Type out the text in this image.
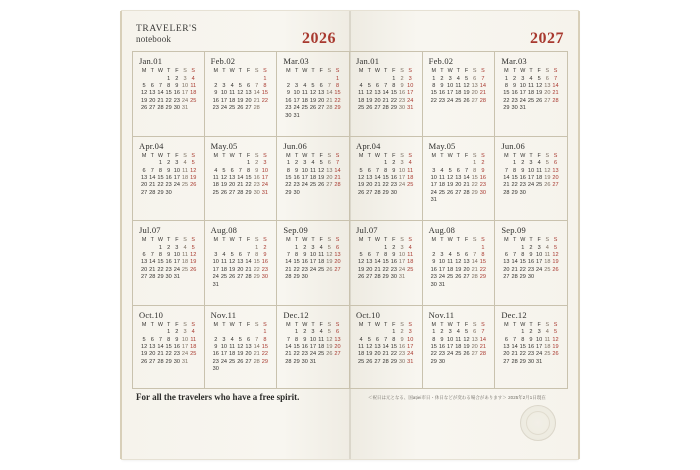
TRAVELER'S
notebook	2026	2027
Jan.01
M	T	W	T	F	S	S
			1	2	3	4
5	6	7	8	9	10	11
12	13	14	15	16	17	18
19	20	21	22	23	24	25
26	27	28	29	30	31	
Feb.02
M	T	W	T	F	S	S
						1
2	3	4	5	6	7	8
9	10	11	12	13	14	15
16	17	18	19	20	21	22
23	24	25	26	27	28	
Mar.03
M	T	W	T	F	S	S
						1
2	3	4	5	6	7	8
9	10	11	12	13	14	15
16	17	18	19	20	21	22
23	24	25	26	27	28	29
30	31					
Jan.01
M	T	W	T	F	S	S
				1	2	3
4	5	6	7	8	9	10
11	12	13	14	15	16	17
18	19	20	21	22	23	24
25	26	27	28	29	30	31
Feb.02
M	T	W	T	F	S	S
1	2	3	4	5	6	7
8	9	10	11	12	13	14
15	16	17	18	19	20	21
22	23	24	25	26	27	28
Mar.03
M	T	W	T	F	S	S
1	2	3	4	5	6	7
8	9	10	11	12	13	14
15	16	17	18	19	20	21
22	23	24	25	26	27	28
29	30	31				
Apr.04
M	T	W	T	F	S	S
		1	2	3	4	5
6	7	8	9	10	11	12
13	14	15	16	17	18	19
20	21	22	23	24	25	26
27	28	29	30			
May.05
M	T	W	T	F	S	S
				1	2	3
4	5	6	7	8	9	10
11	12	13	14	15	16	17
18	19	20	21	22	23	24
25	26	27	28	29	30	31
Jun.06
M	T	W	T	F	S	S
1	2	3	4	5	6	7
8	9	10	11	12	13	14
15	16	17	18	19	20	21
22	23	24	25	26	27	28
29	30					
Apr.04
M	T	W	T	F	S	S
			1	2	3	4
5	6	7	8	9	10	11
12	13	14	15	16	17	18
19	20	21	22	23	24	25
26	27	28	29	30		
May.05
M	T	W	T	F	S	S
					1	2
3	4	5	6	7	8	9
10	11	12	13	14	15	16
17	18	19	20	21	22	23
24	25	26	27	28	29	30
31						
Jun.06
M	T	W	T	F	S	S
	1	2	3	4	5	6
7	8	9	10	11	12	13
14	15	16	17	18	19	20
21	22	23	24	25	26	27
28	29	30				
Jul.07
M	T	W	T	F	S	S
		1	2	3	4	5
6	7	8	9	10	11	12
13	14	15	16	17	18	19
20	21	22	23	24	25	26
27	28	29	30	31		
Aug.08
M	T	W	T	F	S	S
					1	2
3	4	5	6	7	8	9
10	11	12	13	14	15	16
17	18	19	20	21	22	23
24	25	26	27	28	29	30
31						
Sep.09
M	T	W	T	F	S	S
	1	2	3	4	5	6
7	8	9	10	11	12	13
14	15	16	17	18	19	20
21	22	23	24	25	26	27
28	29	30				
Jul.07
M	T	W	T	F	S	S
			1	2	3	4
5	6	7	8	9	10	11
12	13	14	15	16	17	18
19	20	21	22	23	24	25
26	27	28	29	30	31	
Aug.08
M	T	W	T	F	S	S
						1
2	3	4	5	6	7	8
9	10	11	12	13	14	15
16	17	18	19	20	21	22
23	24	25	26	27	28	29
30	31					
Sep.09
M	T	W	T	F	S	S
		1	2	3	4	5
6	7	8	9	10	11	12
13	14	15	16	17	18	19
20	21	22	23	24	25	26
27	28	29	30			
Oct.10
M	T	W	T	F	S	S
			1	2	3	4
5	6	7	8	9	10	11
12	13	14	15	16	17	18
19	20	21	22	23	24	25
26	27	28	29	30	31	
Nov.11
M	T	W	T	F	S	S
						1
2	3	4	5	6	7	8
9	10	11	12	13	14	15
16	17	18	19	20	21	22
23	24	25	26	27	28	29
30						
Dec.12
M	T	W	T	F	S	S
	1	2	3	4	5	6
7	8	9	10	11	12	13
14	15	16	17	18	19	20
21	22	23	24	25	26	27
28	29	30	31			
Oct.10
M	T	W	T	F	S	S
				1	2	3
4	5	6	7	8	9	10
11	12	13	14	15	16	17
18	19	20	21	22	23	24
25	26	27	28	29	30	31
Nov.11
M	T	W	T	F	S	S
1	2	3	4	5	6	7
8	9	10	11	12	13	14
15	16	17	18	19	20	21
22	23	24	25	26	27	28
29	30					
Dec.12
M	T	W	T	F	S	S
		1	2	3	4	5
6	7	8	9	10	11	12
13	14	15	16	17	18	19
20	21	22	23	24	25	26
27	28	29	30	31		
For all the travelers who have a free spirit.	＜祝日は元となる、国ației市日・休日などが変わる場合があります＞ 2025年2月1日現在
